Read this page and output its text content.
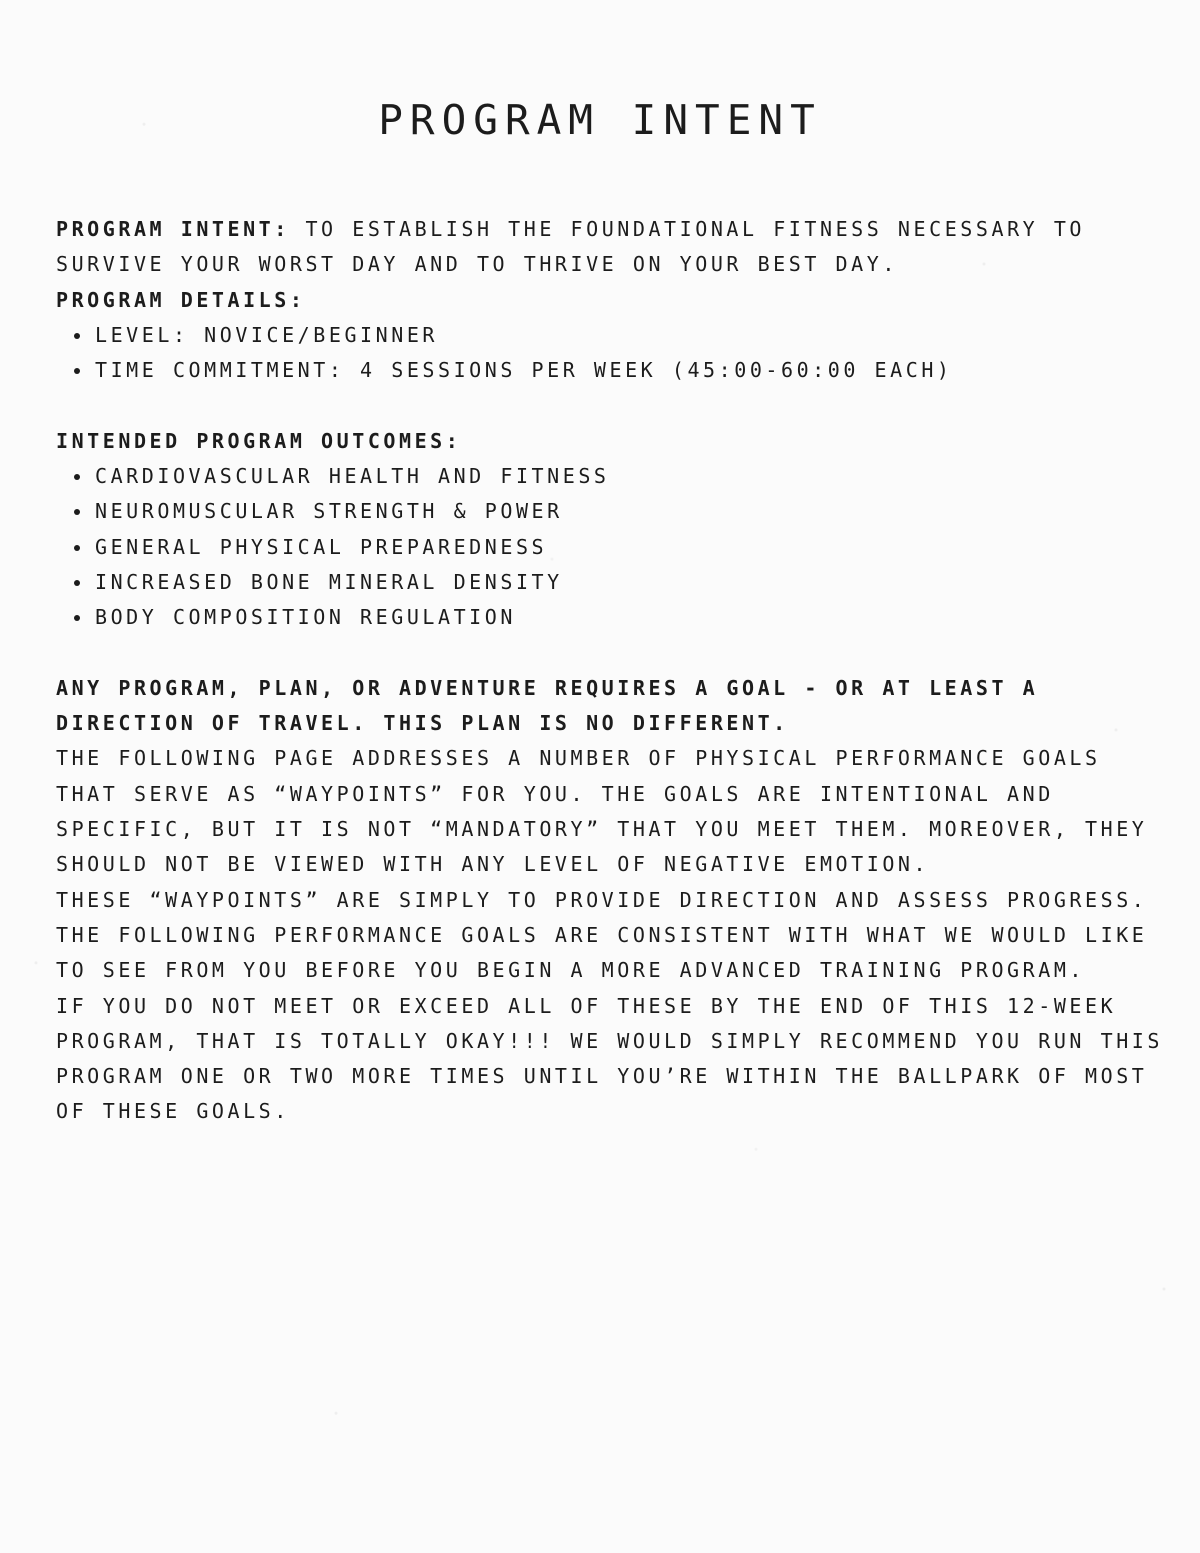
PROGRAM INTENT

PROGRAM INTENT: TO ESTABLISH THE FOUNDATIONAL FITNESS NECESSARY TO SURVIVE YOUR WORST DAY AND TO THRIVE ON YOUR BEST DAY.

PROGRAM DETAILS:

LEVEL: NOVICE/BEGINNER
TIME COMMITMENT: 4 SESSIONS PER WEEK (45:00-60:00 EACH)

INTENDED PROGRAM OUTCOMES:

CARDIOVASCULAR HEALTH AND FITNESS
NEUROMUSCULAR STRENGTH & POWER
GENERAL PHYSICAL PREPAREDNESS
INCREASED BONE MINERAL DENSITY
BODY COMPOSITION REGULATION

ANY PROGRAM, PLAN, OR ADVENTURE REQUIRES A GOAL - OR AT LEAST A DIRECTION OF TRAVEL. THIS PLAN IS NO DIFFERENT.

THE FOLLOWING PAGE ADDRESSES A NUMBER OF PHYSICAL PERFORMANCE GOALS THAT SERVE AS “WAYPOINTS” FOR YOU. THE GOALS ARE INTENTIONAL AND SPECIFIC, BUT IT IS NOT “MANDATORY” THAT YOU MEET THEM. MOREOVER, THEY SHOULD NOT BE VIEWED WITH ANY LEVEL OF NEGATIVE EMOTION.

THESE “WAYPOINTS” ARE SIMPLY TO PROVIDE DIRECTION AND ASSESS PROGRESS.

THE FOLLOWING PERFORMANCE GOALS ARE CONSISTENT WITH WHAT WE WOULD LIKE TO SEE FROM YOU BEFORE YOU BEGIN A MORE ADVANCED TRAINING PROGRAM.

IF YOU DO NOT MEET OR EXCEED ALL OF THESE BY THE END OF THIS 12-WEEK PROGRAM, THAT IS TOTALLY OKAY!!! WE WOULD SIMPLY RECOMMEND YOU RUN THIS PROGRAM ONE OR TWO MORE TIMES UNTIL YOU’RE WITHIN THE BALLPARK OF MOST OF THESE GOALS.
